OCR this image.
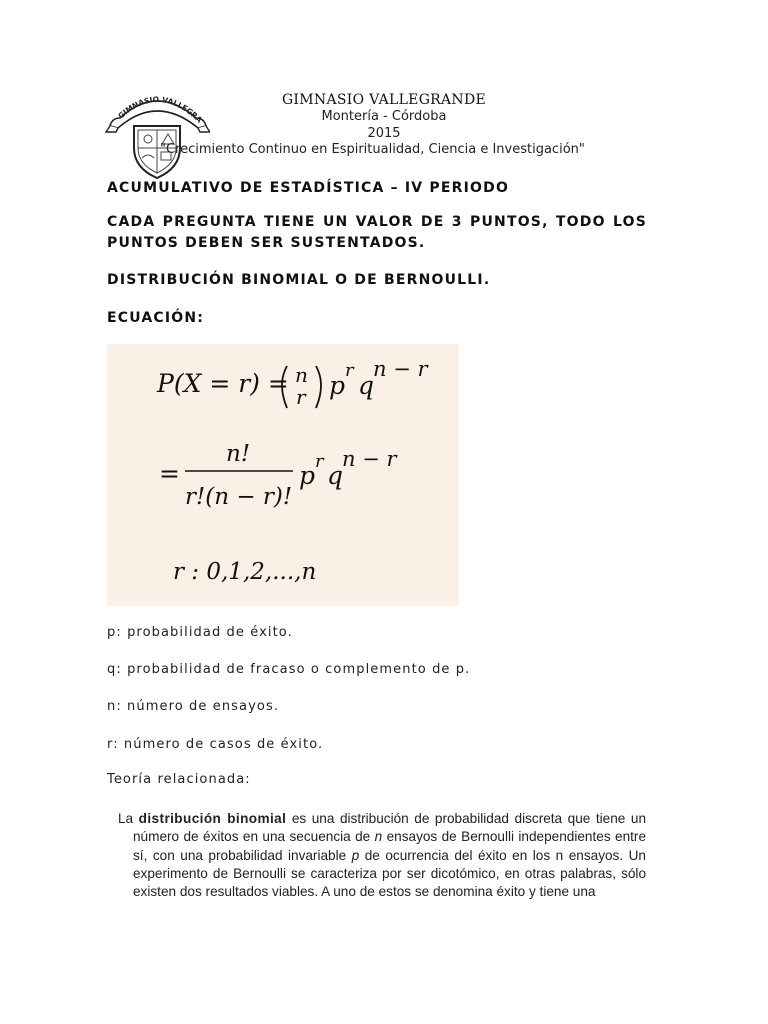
GIMNASIO VALLEGRA
GIMNASIO VALLEGRANDE
Montería - Córdoba
2015
"Crecimiento Continuo en Espiritualidad, Ciencia e Investigación"
ACUMULATIVO DE ESTADÍSTICA – IV PERIODO
CADA PREGUNTA TIENE UN VALOR DE 3 PUNTOS, TODO LOS PUNTOS DEBEN SER SUSTENTADOS.
DISTRIBUCIÓN BINOMIAL O DE BERNOULLI.
ECUACIÓN:
P(X = r) = n
r p
r
q
n − r
=
n!
r!(n − r)!
p r q
n − r
r : 0,1,2,...,n
p: probabilidad de éxito.
q: probabilidad de fracaso o complemento de p.
n: número de ensayos.
r: número de casos de éxito.
Teoría relacionada:
La distribución binomial es una distribución de probabilidad discreta que tiene un número de éxitos en una secuencia de n ensayos de Bernoulli independientes entre sí, con una probabilidad invariable p de ocurrencia del éxito en los n ensayos. Un experimento de Bernoulli se caracteriza por ser dicotómico, en otras palabras, sólo existen dos resultados viables. A uno de estos se denomina éxito y tiene una
